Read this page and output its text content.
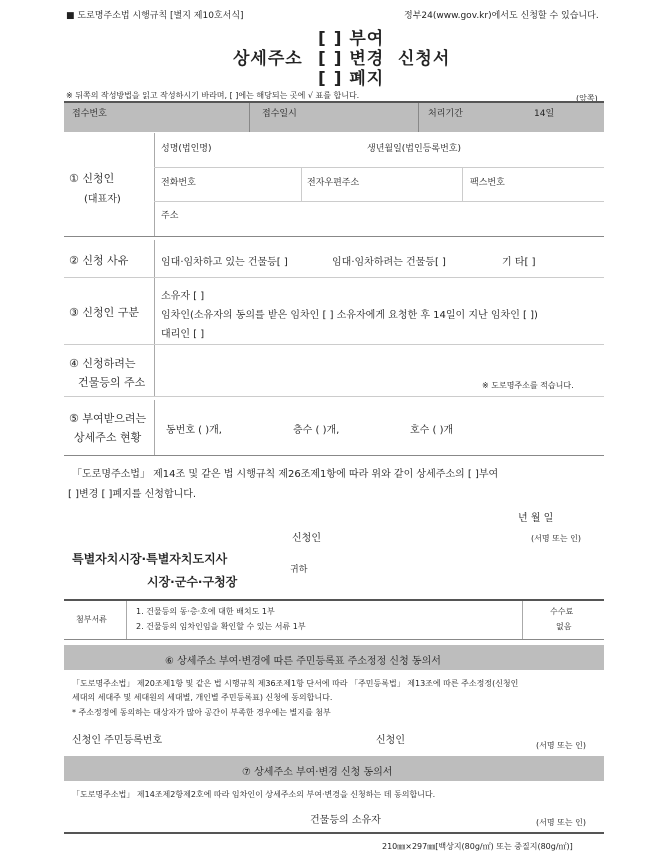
■ 도로명주소법 시행규칙 [별지 제10호서식]	정부24(www.gov.kr)에서도 신청할 수 있습니다.
상세주소
[ ] 부여
[ ] 변경
[ ] 폐지
신청서
※ 뒤쪽의 작성방법을 읽고 작성하시기 바라며, [ ]에는 해당되는 곳에 √ 표를 합니다.	(앞쪽)
접수번호	접수일시	처리기간	14일
① 신청인
(대표자)
성명(법인명)	생년월일(법인등록번호)
전화번호	전자우편주소	팩스번호
주소
② 신청 사유	임대·임차하고 있는 건물등[ ]	임대·임차하려는 건물등[ ]	기 타[ ]
③ 신청인 구분
소유자 [ ]
임차인(소유자의 동의를 받은 임차인 [ ] 소유자에게 요청한 후 14일이 지난 임차인 [ ])
대리인 [ ]
④ 신청하려는
건물등의 주소	※ 도로명주소를 적습니다.
⑤ 부여받으려는
상세주소 현황
동번호 ( )개,	층수 ( )개,	호수 ( )개
「도로명주소법」 제14조 및 같은 법 시행규칙 제26조제1항에 따라 위와 같이 상세주소의 [ ]부여
[ ]변경 [ ]폐지를 신청합니다.
년 월 일
신청인	(서명 또는 인)
특별자치시장·특별자치도지사
시장·군수·구청장
귀하
첨부서류
1. 건물등의 동·층·호에 대한 배치도 1부
2. 건물등의 임차인임을 확인할 수 있는 서류 1부
수수료
없음
⑥ 상세주소 부여·변경에 따른 주민등록표 주소정정 신청 동의서
「도로명주소법」 제20조제1항 및 같은 법 시행규칙 제36조제1항 단서에 따라 「주민등록법」 제13조에 따른 주소정정(신청인
세대의 세대주 및 세대원의 세대별, 개인별 주민등록표) 신청에 동의합니다.
* 주소정정에 동의하는 대상자가 많아 공간이 부족한 경우에는 별지를 첨부
신청인 주민등록번호	신청인	(서명 또는 인)
⑦ 상세주소 부여·변경 신청 동의서
「도로명주소법」 제14조제2항제2호에 따라 임차인이 상세주소의 부여·변경을 신청하는 데 동의합니다.
건물등의 소유자	(서명 또는 인)
210㎜×297㎜[백상지(80g/㎡) 또는 중질지(80g/㎡)]
